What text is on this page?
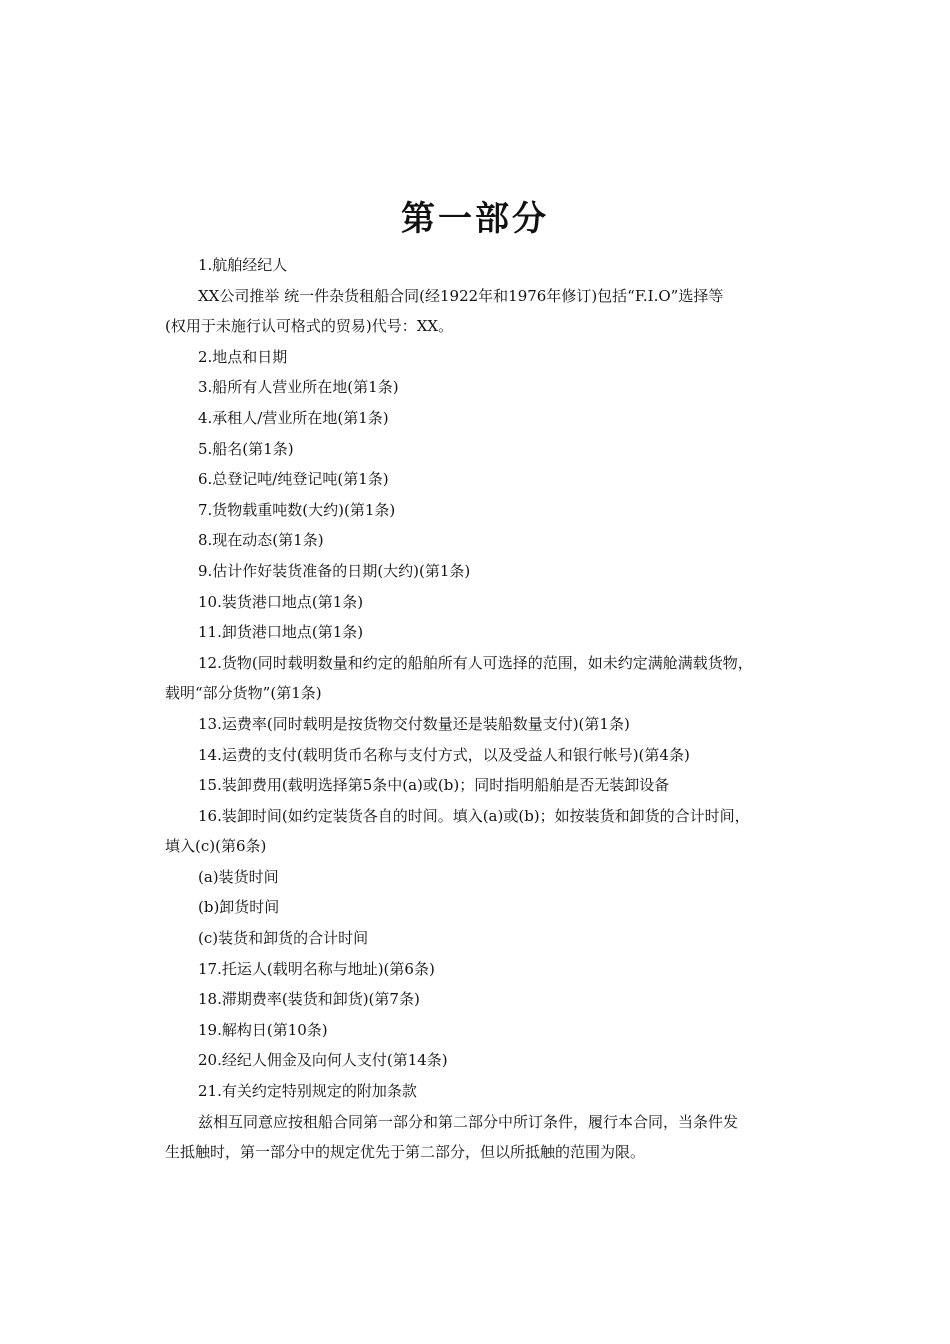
第一部分

1.航舶经纪人

XX公司推举 统一件杂货租船合同(经1922年和1976年修订)包括“F.I.O”选择等

(权用于未施行认可格式的贸易)代号：XX。

2.地点和日期

3.船所有人营业所在地(第1条)

4.承租人/营业所在地(第1条)

5.船名(第1条)

6.总登记吨/纯登记吨(第1条)

7.货物载重吨数(大约)(第1条)

8.现在动态(第1条)

9.估计作好装货准备的日期(大约)(第1条)

10.装货港口地点(第1条)

11.卸货港口地点(第1条)

12.货物(同时载明数量和约定的船舶所有人可选择的范围，如未约定满舱满载货物，

载明“部分货物”(第1条)

13.运费率(同时载明是按货物交付数量还是装船数量支付)(第1条)

14.运费的支付(载明货币名称与支付方式，以及受益人和银行帐号)(第4条)

15.装卸费用(载明选择第5条中(a)或(b)；同时指明船舶是否无装卸设备

16.装卸时间(如约定装货各自的时间。填入(a)或(b)；如按装货和卸货的合计时间，

填入(c)(第6条)

(a)装货时间

(b)卸货时间

(c)装货和卸货的合计时间

17.托运人(载明名称与地址)(第6条)

18.滞期费率(装货和卸货)(第7条)

19.解构日(第10条)

20.经纪人佣金及向何人支付(第14条)

21.有关约定特别规定的附加条款

兹相互同意应按租船合同第一部分和第二部分中所订条件，履行本合同，当条件发

生抵触时，第一部分中的规定优先于第二部分，但以所抵触的范围为限。
